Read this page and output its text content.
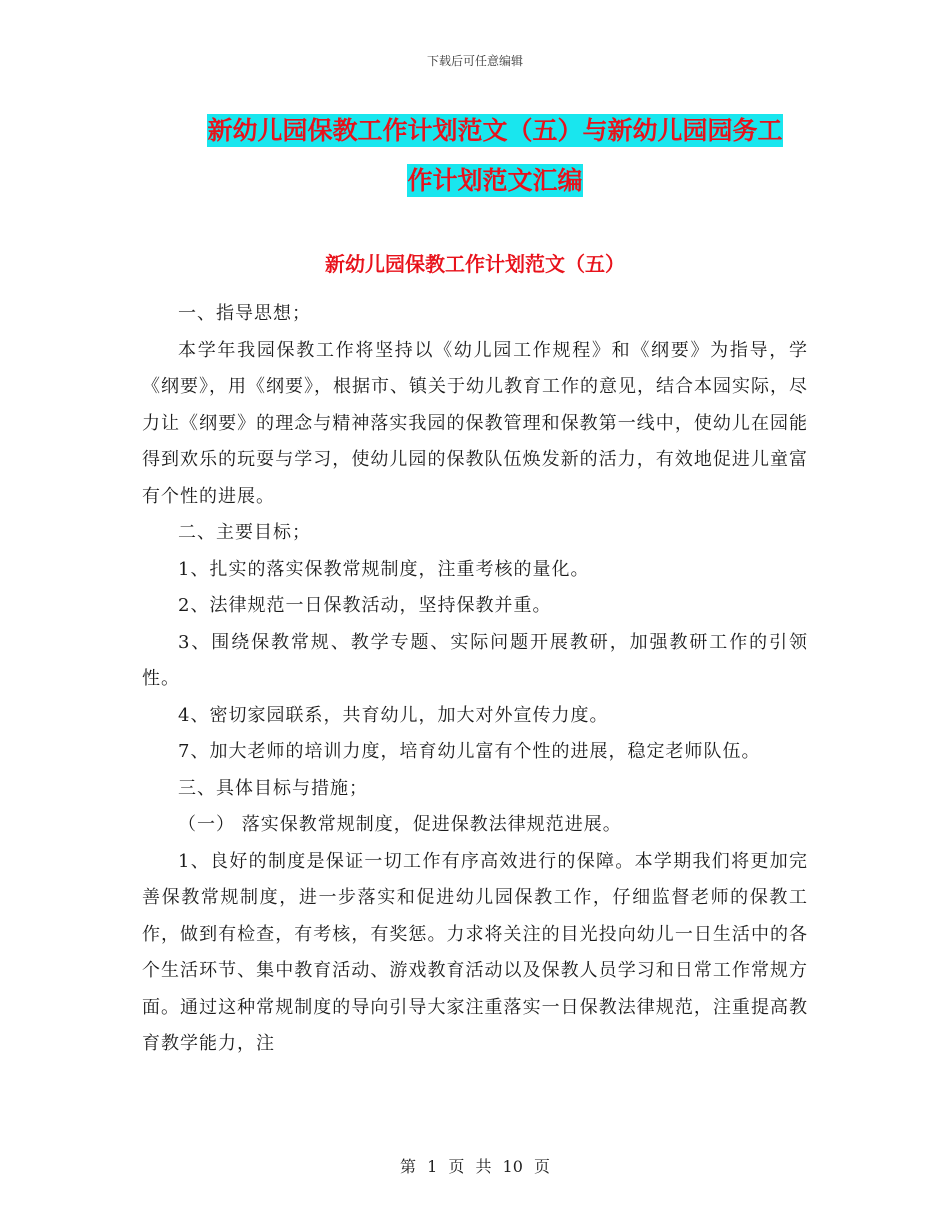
下载后可任意编辑
新幼儿园保教工作计划范文（五）与新幼儿园园务工
作计划范文汇编
新幼儿园保教工作计划范文（五）

一、指导思想；

本学年我园保教工作将坚持以《幼儿园工作规程》和《纲要》为指导，学《纲要》，用《纲要》，根据市、镇关于幼儿教育工作的意见，结合本园实际，尽力让《纲要》的理念与精神落实我园的保教管理和保教第一线中，使幼儿在园能得到欢乐的玩耍与学习，使幼儿园的保教队伍焕发新的活力，有效地促进儿童富有个性的进展。

二、主要目标；

1、扎实的落实保教常规制度，注重考核的量化。

2、法律规范一日保教活动，坚持保教并重。

3、围绕保教常规、教学专题、实际问题开展教研，加强教研工作的引领性。

4、密切家园联系，共育幼儿，加大对外宣传力度。

7、加大老师的培训力度，培育幼儿富有个性的进展，稳定老师队伍。

三、具体目标与措施；

（一） 落实保教常规制度，促进保教法律规范进展。

1、良好的制度是保证一切工作有序高效进行的保障。本学期我们将更加完善保教常规制度，进一步落实和促进幼儿园保教工作，仔细监督老师的保教工作，做到有检查，有考核，有奖惩。力求将关注的目光投向幼儿一日生活中的各个生活环节、集中教育活动、游戏教育活动以及保教人员学习和日常工作常规方面。通过这种常规制度的导向引导大家注重落实一日保教法律规范，注重提高教育教学能力，注

第 1 页 共 10 页
